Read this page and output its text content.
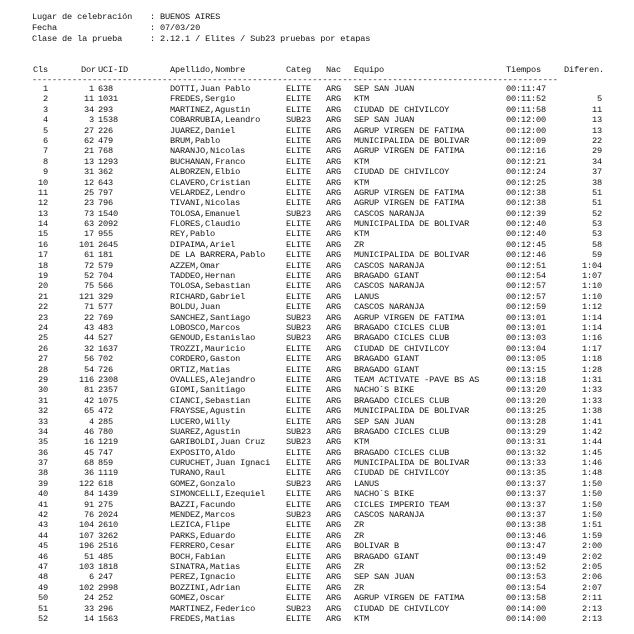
Lugar de celebración : BUENOS AIRES
Fecha	: 07/03/20
Clase de la prueba	: 2.12.1 / Elites / Sub23 pruebas por etapas
Cls	Dor UCI-ID	Apellido,Nombre	Categ Nac Equipo	Tiempos	Diferen.
---------------------------------------------------------------------------------------------------------
1	1 638	DOTTI,Juan Pablo	ELITE ARG SEP SAN JUAN	00:11:47
2	11 1031	FREDES,Sergio	ELITE ARG KTM	00:11:52	5
3	34 293	MARTINEZ,Agustin	ELITE ARG CIUDAD DE CHIVILCOY	00:11:58	11
4	3 1538	COBARRUBIA,Leandro	SUB23 ARG SEP SAN JUAN	00:12:00	13
5	27 226	JUAREZ,Daniel	ELITE ARG AGRUP VIRGEN DE FATIMA	00:12:00	13
6	62 479	BRUM,Pablo	ELITE ARG MUNICIPALIDA DE BOLIVAR	00:12:09	22
7	21 768	NARANJO,Nicolas	ELITE ARG AGRUP VIRGEN DE FATIMA	00:12:16	29
8	13 1293	BUCHANAN,Franco	ELITE ARG KTM	00:12:21	34
9	31 362	ALBORZEN,Elbio	ELITE ARG CIUDAD DE CHIVILCOY	00:12:24	37
10	12 643	CLAVERO,Cristian	ELITE ARG KTM	00:12:25	38
11	25 797	VELARDEZ,Lendro	ELITE ARG AGRUP VIRGEN DE FATIMA	00:12:38	51
12	23 796	TIVANI,Nicolas	ELITE ARG AGRUP VIRGEN DE FATIMA	00:12:38	51
13	73 1540	TOLOSA,Emanuel	SUB23 ARG CASCOS NARANJA	00:12:39	52
14	63 2092	FLORES,Claudio	ELITE ARG MUNICIPALIDA DE BOLIVAR	00:12:40	53
15	17 955	REY,Pablo	ELITE ARG KTM	00:12:40	53
16	101 2645	DIPAIMA,Ariel	ELITE ARG ZR	00:12:45	58
17	61 181	DE LA BARRERA,Pablo ELITE ARG MUNICIPALIDA DE BOLIVAR	00:12:46	59
18	72 579	AZZEM,Omar	ELITE ARG CASCOS NARANJA	00:12:51	1:04
19	52 704	TADDEO,Hernan	ELITE ARG BRAGADO GIANT	00:12:54	1:07
20	75 566	TOLOSA,Sebastian	ELITE ARG CASCOS NARANJA	00:12:57	1:10
21	121 329	RICHARD,Gabriel	ELITE ARG LANUS	00:12:57	1:10
22	71 577	BOLDU,Juan	ELITE ARG CASCOS NARANJA	00:12:59	1:12
23	22 769	SANCHEZ,Santiago	SUB23 ARG AGRUP VIRGEN DE FATIMA	00:13:01	1:14
24	43 483	LOBOSCO,Marcos	SUB23 ARG BRAGADO CICLES CLUB	00:13:01	1:14
25	44 527	GENOUD,Estanislao	SUB23 ARG BRAGADO CICLES CLUB	00:13:03	1:16
26	32 1637	TROZZI,Mauricio	ELITE ARG CIUDAD DE CHIVILCOY	00:13:04	1:17
27	56 702	CORDERO,Gaston	ELITE ARG BRAGADO GIANT	00:13:05	1:18
28	54 726	ORTIZ,Matias	ELITE ARG BRAGADO GIANT	00:13:15	1:28
29	116 2308	OVALLES,Alejandro	ELITE ARG TEAM ACTIVATE -PAVE BS AS	00:13:18	1:31
30	81 2357	GIOMI,Sanitiago	ELITE ARG NACHO`S BIKE	00:13:20	1:33
31	42 1075	CIANCI,Sebastian	ELITE ARG BRAGADO CICLES CLUB	00:13:20	1:33
32	65 472	FRAYSSE,Agustin	ELITE ARG MUNICIPALIDA DE BOLIVAR	00:13:25	1:38
33	4 285	LUCERO,Willy	ELITE ARG SEP SAN JUAN	00:13:28	1:41
34	46 780	SUAREZ,Agustin	SUB23 ARG BRAGADO CICLES CLUB	00:13:29	1:42
35	16 1219	GARIBOLDI,Juan Cruz SUB23 ARG KTM	00:13:31	1:44
36	45 747	EXPOSITO,Aldo	ELITE ARG BRAGADO CICLES CLUB	00:13:32	1:45
37	68 859	CURUCHET,Juan Ignaci ELITE ARG MUNICIPALIDA DE BOLIVAR	00:13:33	1:46
38	36 1119	TURANO,Raul	ELITE ARG CIUDAD DE CHIVILCOY	00:13:35	1:48
39	122 618	GOMEZ,Gonzalo	SUB23 ARG LANUS	00:13:37	1:50
40	84 1439	SIMONCELLI,Ezequiel ELITE ARG NACHO`S BIKE	00:13:37	1:50
41	91 275	BAZZI,Facundo	ELITE ARG CICLES IMPERIO TEAM	00:13:37	1:50
42	76 2024	MENDEZ,Marcos	SUB23 ARG CASCOS NARANJA	00:13:37	1:50
43	104 2610	LEZICA,Flipe	ELITE ARG ZR	00:13:38	1:51
44	107 3262	PARKS,Eduardo	ELITE ARG ZR	00:13:46	1:59
45	196 2516	FERRERO,Cesar	ELITE ARG BOLIVAR B	00:13:47	2:00
46	51 485	BOCH,Fabian	ELITE ARG BRAGADO GIANT	00:13:49	2:02
47	103 1818	SINATRA,Matias	ELITE ARG ZR	00:13:52	2:05
48	6 247	PEREZ,Ignacio	ELITE ARG SEP SAN JUAN	00:13:53	2:06
49	102 2998	BOZZINI,Adrian	ELITE ARG ZR	00:13:54	2:07
50	24 252	GOMEZ,Oscar	ELITE ARG AGRUP VIRGEN DE FATIMA	00:13:58	2:11
51	33 296	MARTINEZ,Federico	SUB23 ARG CIUDAD DE CHIVILCOY	00:14:00	2:13
52	14 1563	FREDES,Matias	ELITE ARG KTM	00:14:00	2:13
